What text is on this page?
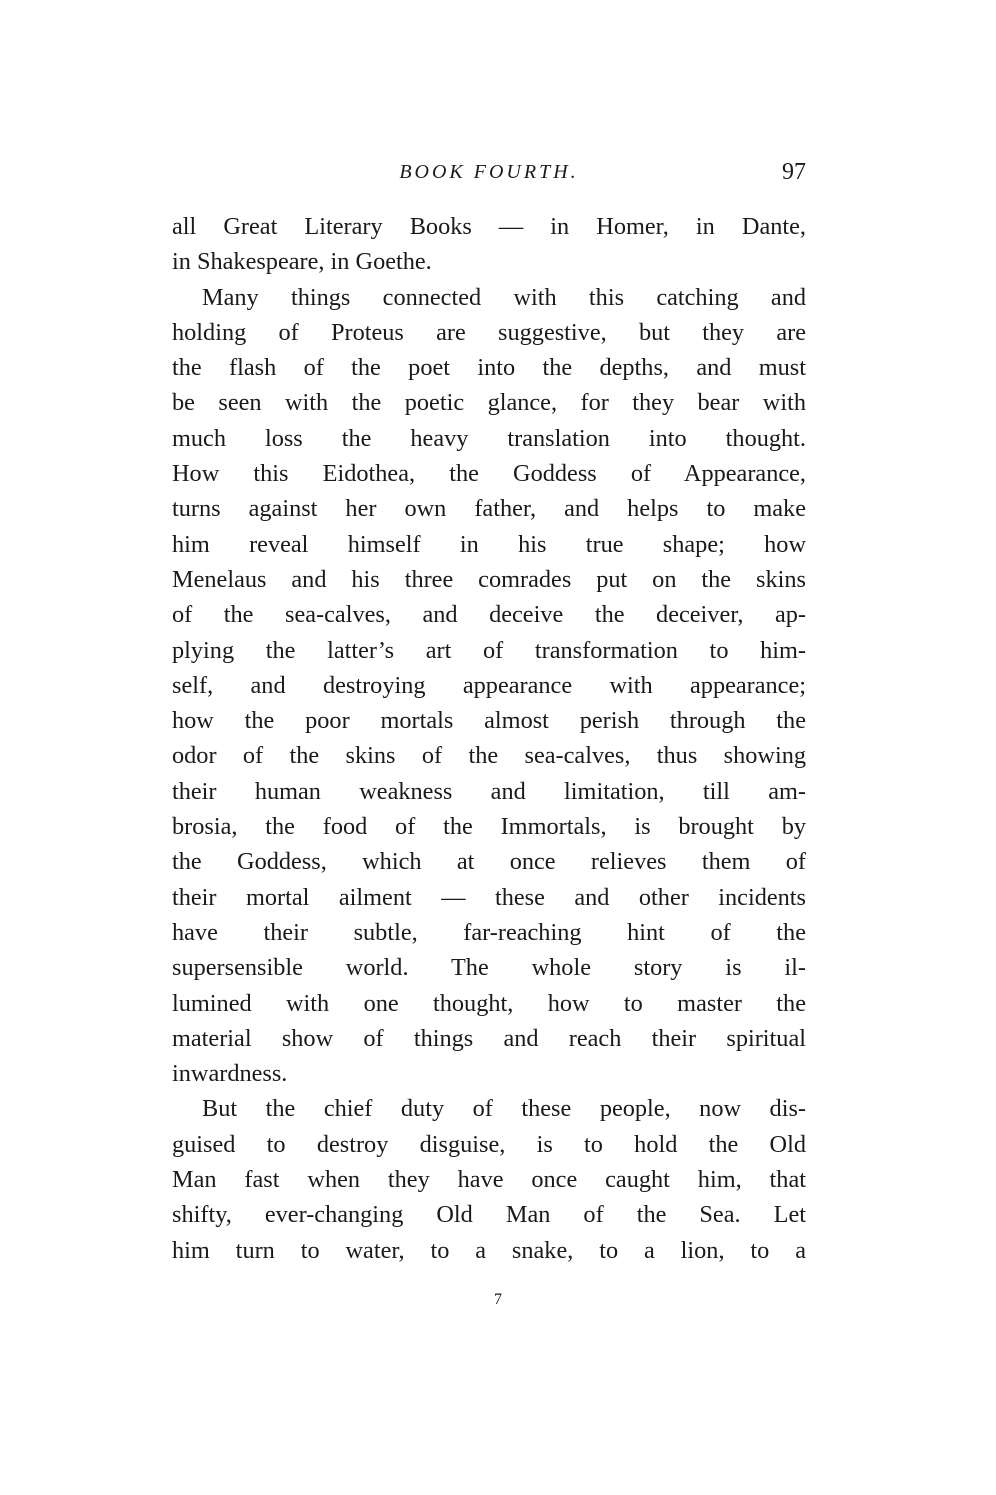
BOOK FOURTH.	97
all Great Literary Books — in Homer, in Dante,
in Shakespeare, in Goethe.
Many things connected with this catching and
holding of Proteus are suggestive, but they are
the flash of the poet into the depths, and must
be seen with the poetic glance, for they bear with
much loss the heavy translation into thought.
How this Eidothea, the Goddess of Appearance,
turns against her own father, and helps to make
him reveal himself in his true shape; how
Menelaus and his three comrades put on the skins
of the sea-calves, and deceive the deceiver, ap-
plying the latter’s art of transformation to him-
self, and destroying appearance with appearance;
how the poor mortals almost perish through the
odor of the skins of the sea-calves, thus showing
their human weakness and limitation, till am-
brosia, the food of the Immortals, is brought by
the Goddess, which at once relieves them of
their mortal ailment — these and other incidents
have their subtle, far-reaching hint of the
supersensible world. The whole story is il-
lumined with one thought, how to master the
material show of things and reach their spiritual
inwardness.
But the chief duty of these people, now dis-
guised to destroy disguise, is to hold the Old
Man fast when they have once caught him, that
shifty, ever-changing Old Man of the Sea. Let
him turn to water, to a snake, to a lion, to a
7
